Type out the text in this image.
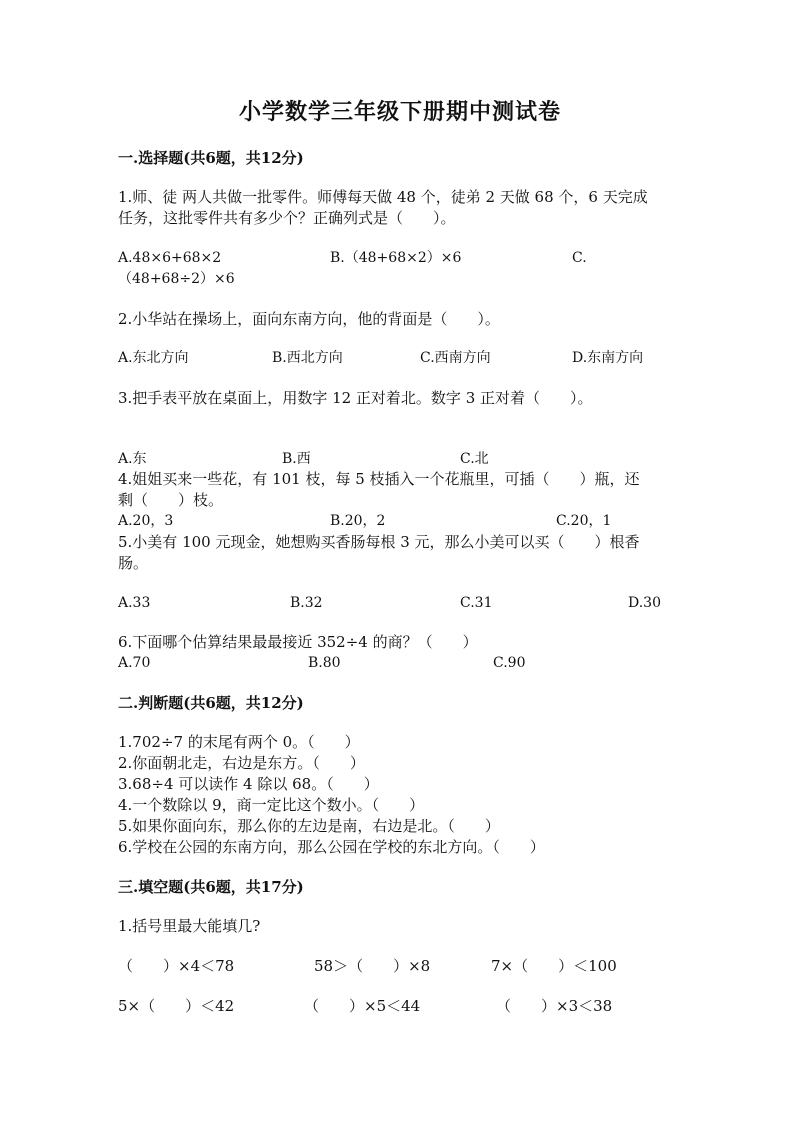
小学数学三年级下册期中测试卷
一.选择题(共6题，共12分)
1.师、徒 两人共做一批零件。师傅每天做 48 个，徒弟 2 天做 68 个，6 天完成
任务，这批零件共有多少个？正确列式是（　　）。
A.48×6+68×2	B.（48+68×2）×6	C.
（48+68÷2）×6
2.小华站在操场上，面向东南方向，他的背面是（　　）。
A.东北方向	B.西北方向	C.西南方向	D.东南方向
3.把手表平放在桌面上，用数字 12 正对着北。数字 3 正对着（　　）。
A.东	B.西	C.北
4.姐姐买来一些花，有 101 枝，每 5 枝插入一个花瓶里，可插（　　）瓶，还
剩（　　）枝。
A.20，3	B.20，2	C.20，1
5.小美有 100 元现金，她想购买香肠每根 3 元，那么小美可以买（　　）根香
肠。
A.33	B.32	C.31	D.30
6.下面哪个估算结果最最接近 352÷4 的商？（　　）
A.70	B.80	C.90
二.判断题(共6题，共12分)
1.702÷7 的末尾有两个 0。（　　）
2.你面朝北走，右边是东方。（　　）
3.68÷4 可以读作 4 除以 68。（　　）
4.一个数除以 9，商一定比这个数小。（　　）
5.如果你面向东，那么你的左边是南，右边是北。（　　）
6.学校在公园的东南方向，那么公园在学校的东北方向。（　　）
三.填空题(共6题，共17分)
1.括号里最大能填几?
（　　）×4＜78	58＞（　　）×8	7×（　　）＜100
5×（　　）＜42	（　　）×5＜44	（　　）×3＜38
